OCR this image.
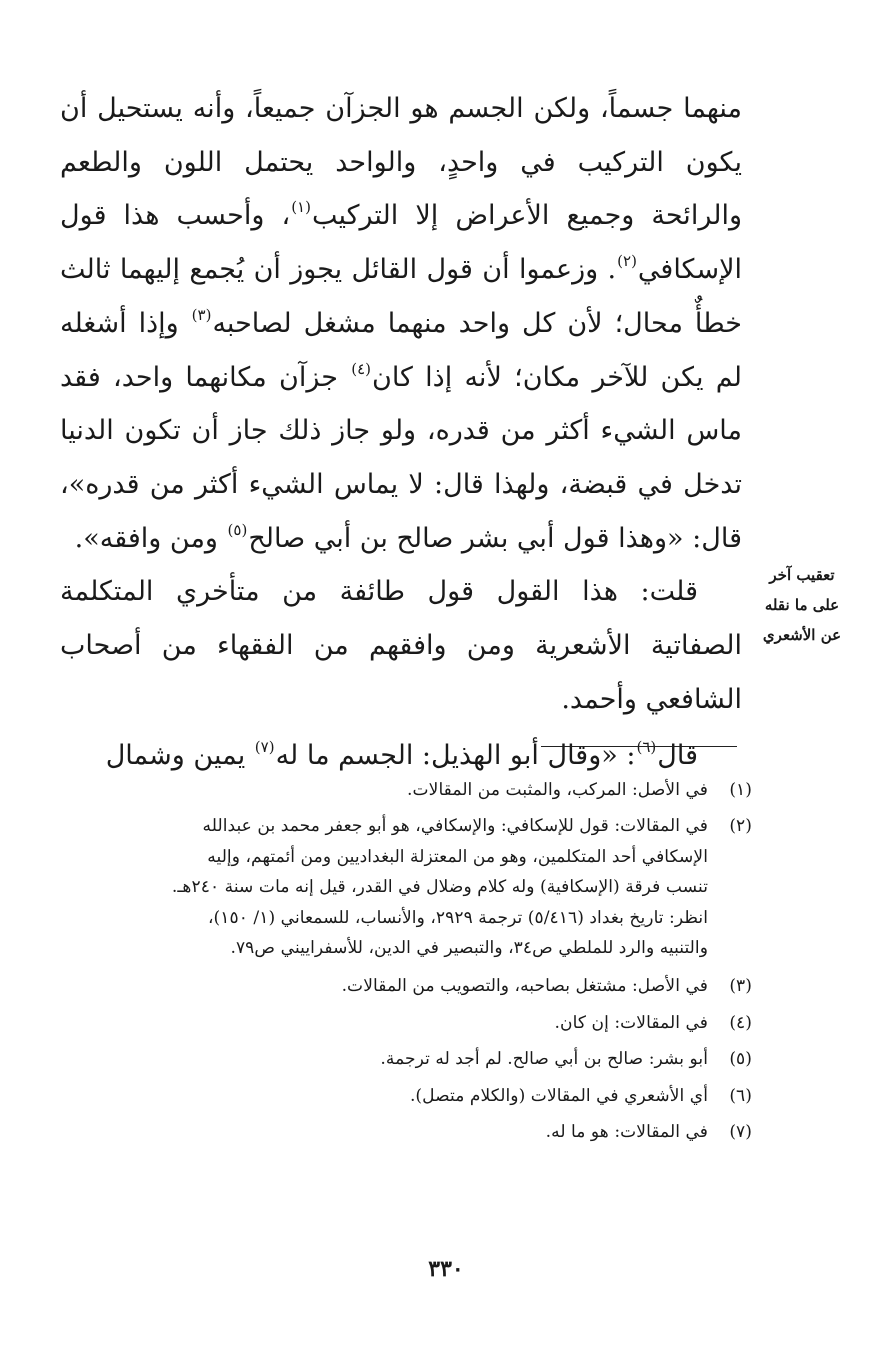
منهما جسماً، ولكن الجسم هو الجزآن جميعاً، وأنه يستحيل أن يكون التركيب في واحدٍ، والواحد يحتمل اللون والطعم والرائحة وجميع الأعراض إلا التركيب$^{(١)}$، وأحسب هذا قول الإسكافي$^{(٢)}$. وزعموا أن قول القائل يجوز أن يُجمع إليهما ثالث خطأٌ محال؛ لأن كل واحد منهما مشغل لصاحبه$^{(٣)}$ وإذا أشغله لم يكن للآخر مكان؛ لأنه إذا كان$^{(٤)}$ جزآن مكانهما واحد، فقد ماس الشيء أكثر من قدره، ولو جاز ذلك جاز أن تكون الدنيا تدخل في قبضة، ولهذا قال: لا يماس الشيء أكثر من قدره»، قال: «وهذا قول أبي بشر صالح بن أبي صالح$^{(٥)}$ ومن وافقه».

قلت: هذا القول قول طائفة من متأخري المتكلمة الصفاتية الأشعرية ومن وافقهم من الفقهاء من أصحاب الشافعي وأحمد.

قال$^{(٦)}$: «وقال أبو الهذيل: الجسم ما له$^{(٧)}$ يمين وشمال

تعقيب آخر
على ما نقله
عن الأشعري
(١)
في الأصل: المركب، والمثبت من المقالات.
(٢)
في المقالات: قول للإسكافي: والإسكافي، هو أبو جعفر محمد بن عبدالله
الإسكافي أحد المتكلمين، وهو من المعتزلة البغداديين ومن أئمتهم، وإليه
تنسب فرقة (الإسكافية) وله كلام وضلال في القدر، قيل إنه مات سنة ٢٤٠هـ.
انظر: تاريخ بغداد (٥/٤١٦) ترجمة ٢٩٢٩، والأنساب، للسمعاني (١/ ١٥٠)،
والتنبيه والرد للملطي ص٣٤، والتبصير في الدين، للأسفراييني ص٧٩.
(٣)
في الأصل: مشتغل بصاحبه، والتصويب من المقالات.
(٤)
في المقالات: إن كان.
(٥)
أبو بشر: صالح بن أبي صالح. لم أجد له ترجمة.
(٦)
أي الأشعري في المقالات (والكلام متصل).
(٧)
في المقالات: هو ما له.
٣٣٠
